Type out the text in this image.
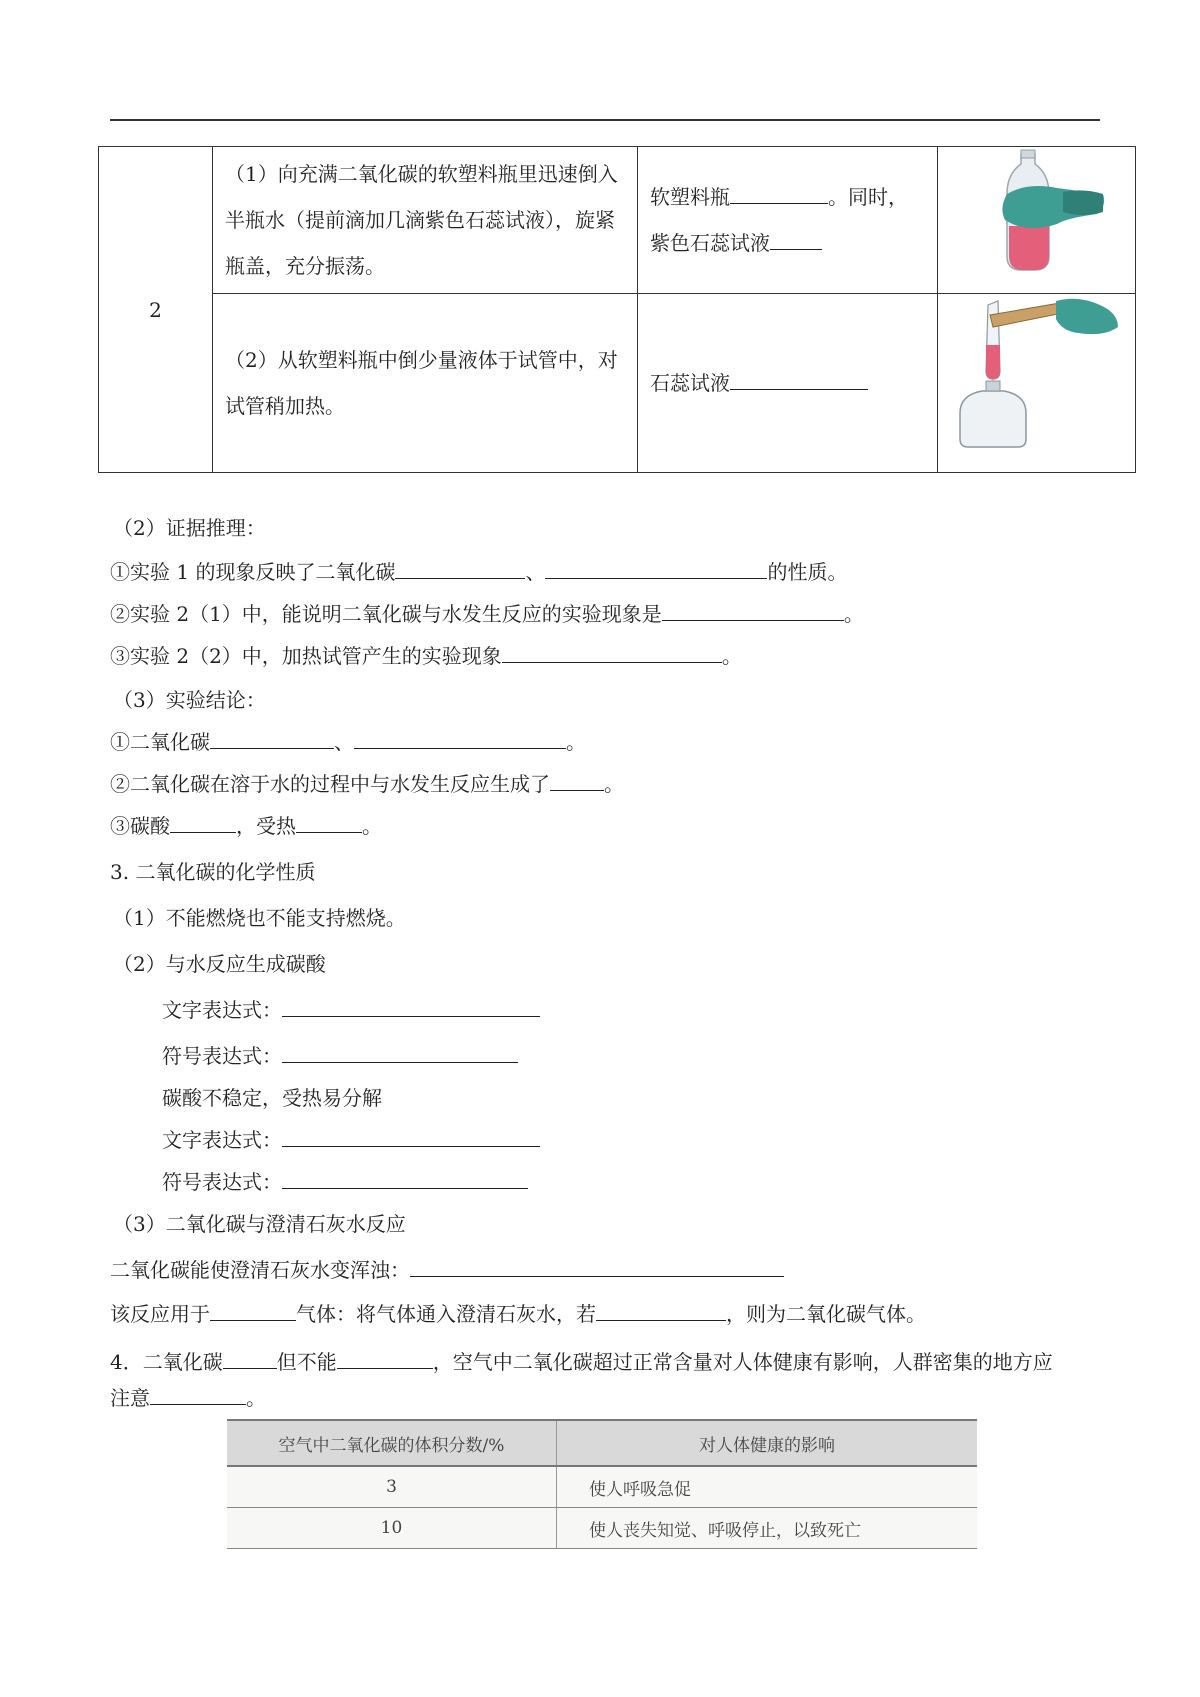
2	（1）向充满二氧化碳的软塑料瓶里迅速倒入半瓶水（提前滴加几滴紫色石蕊试液），旋紧瓶盖，充分振荡。	软塑料瓶 。同时，紫色石蕊试液	
	（2）从软塑料瓶中倒少量液体于试管中，对试管稍加热。	石蕊试液	
（2）证据推理：
①实验 1 的现象反映了二氧化碳	、	的性质。
②实验 2（1）中，能说明二氧化碳与水发生反应的实验现象是	。
③实验 2（2）中，加热试管产生的实验现象	。
（3）实验结论：
①二氧化碳	、	。
②二氧化碳在溶于水的过程中与水发生反应生成了	。
③碳酸	，受热	。
3. 二氧化碳的化学性质
（1）不能燃烧也不能支持燃烧。
（2）与水反应生成碳酸
文字表达式：
符号表达式：
碳酸不稳定，受热易分解
文字表达式：
符号表达式：
（3）二氧化碳与澄清石灰水反应
二氧化碳能使澄清石灰水变浑浊：
该反应用于	气体：将气体通入澄清石灰水，若	，则为二氧化碳气体。
4．二氧化碳	但不能	，空气中二氧化碳超过正常含量对人体健康有影响，人群密集的地方应
注意	。
空气中二氧化碳的体积分数/%	对人体健康的影响
3	使人呼吸急促
10	使人丧失知觉、呼吸停止，以致死亡
